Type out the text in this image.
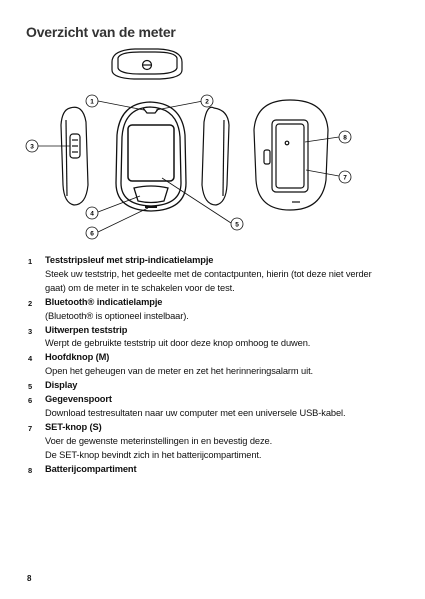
Overzicht van de meter
1	2
3
4
5
6
7
8
1 Teststripsleuf met strip-indicatielampje
Steek uw teststrip, het gedeelte met de contactpunten, hierin (tot deze niet verder
gaat) om de meter in te schakelen voor de test.
2 Bluetooth® indicatielampje
(Bluetooth® is optioneel instelbaar).
3 Uitwerpen teststrip
Werpt de gebruikte teststrip uit door deze knop omhoog te duwen.
4 Hoofdknop (M)
Open het geheugen van de meter en zet het herinneringsalarm uit.
5 Display
6 Gegevenspoort
Download testresultaten naar uw computer met een universele USB-kabel.
7 SET-knop (S)
Voer de gewenste meterinstellingen in en bevestig deze.
De SET-knop bevindt zich in het batterijcompartiment.
8 Batterijcompartiment
8
